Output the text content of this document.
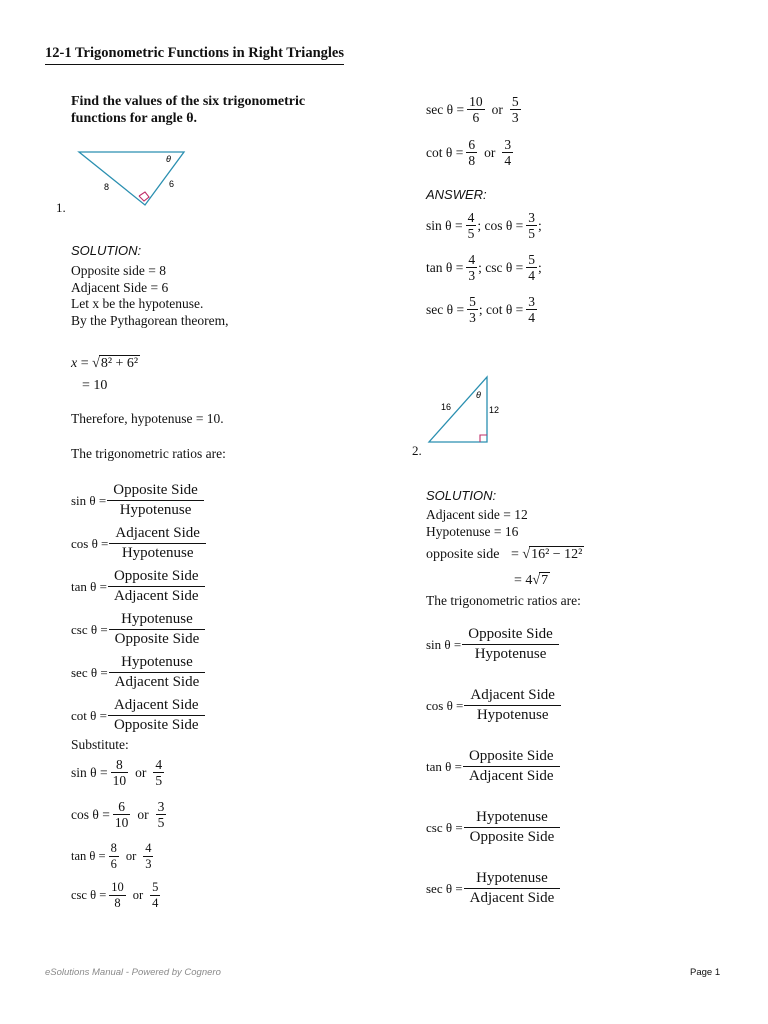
12-1 Trigonometric Functions in Right Triangles
Find the values of the six trigonometric
functions for angle θ.
θ
8	6
1.
SOLUTION:
Opposite side = 8
Adjacent Side = 6
Let x be the hypotenuse.
By the Pythagorean theorem,
x = √8² + 6²
= 10
Therefore, hypotenuse = 10.
The trigonometric ratios are:
sin θ =
Opposite Side
Hypotenuse
cos θ =
Adjacent Side
Hypotenuse
tan θ =
Opposite Side
Adjacent Side
csc θ =
Hypotenuse
Opposite Side
sec θ =
Hypotenuse
Adjacent Side
cot θ =
Adjacent Side
Opposite Side
Substitute:
$\sin \theta = \frac{8}{10}$ or $\frac{4}{5}$
$\cos \theta = \frac{6}{10}$ or $\frac{3}{5}$
$\tan \theta = \frac{8}{6}$ or $\frac{4}{3}$
$\csc \theta = \frac{10}{8}$ or $\frac{5}{4}$
$\sec \theta = \frac{10}{6}$ or $\frac{5}{3}$
$\cot \theta = \frac{6}{8}$ or $\frac{3}{4}$
ANSWER:
$\sin \theta = \frac{4}{5}$ ; $\cos \theta = \frac{3}{5}$ ;
$\tan \theta = \frac{4}{3}$ ; $\csc \theta = \frac{5}{4}$ ;
$\sec \theta = \frac{5}{3}$ ; $\cot \theta = \frac{3}{4}$
θ
16	12
2.
SOLUTION:
Adjacent side = 12
Hypotenuse = 16
opposite side = √16² − 12²
= 4√7
The trigonometric ratios are:
sin θ =
Opposite Side
Hypotenuse
cos θ =
Adjacent Side
Hypotenuse
tan θ =
Opposite Side
Adjacent Side
csc θ =
Hypotenuse
Opposite Side
sec θ =
Hypotenuse
Adjacent Side
eSolutions Manual - Powered by Cognero	Page 1
